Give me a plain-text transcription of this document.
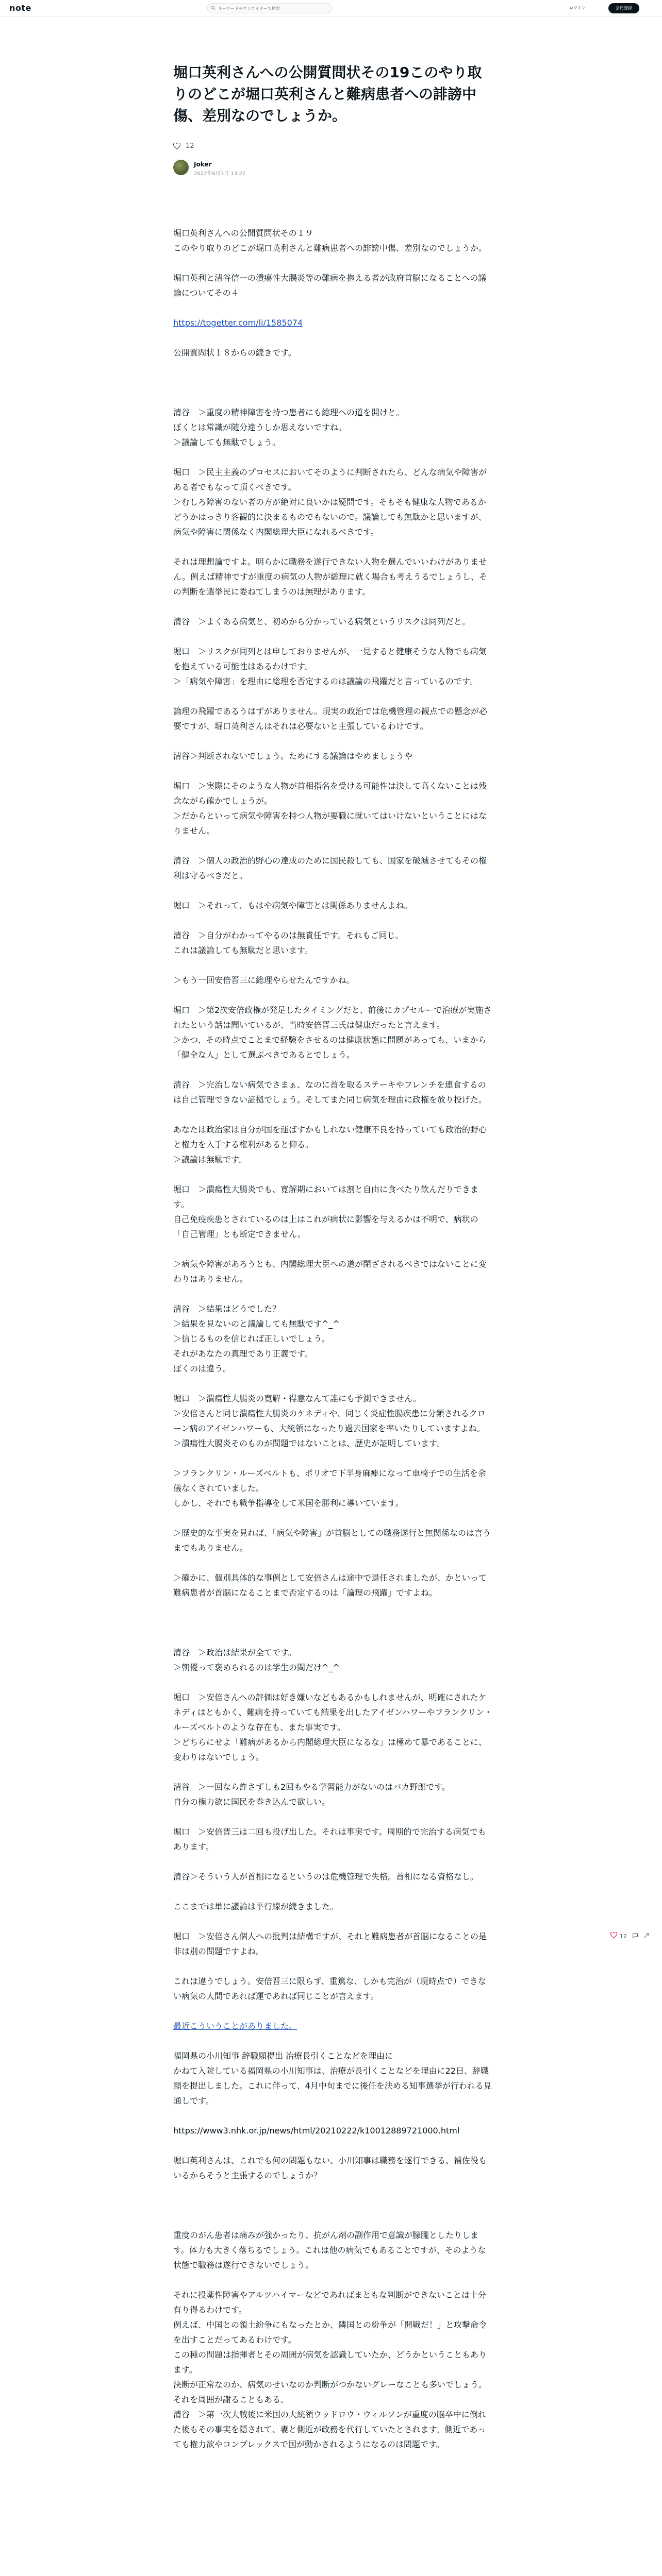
note
キーワードやクリエイターで検索	ログイン	会員登録
堀口英利さんへの公開質問状その19このやり取りのどこが堀口英利さんと難病患者への誹謗中傷、差別なのでしょうか。
12
Joker
2022年6月3日 13:22

堀口英利さんへの公開質問状その１９
このやり取りのどこが堀口英利さんと難病患者への誹謗中傷、差別なのでしょうか。

堀口英利と清谷信一の潰瘍性大腸炎等の難病を抱える者が政府首脳になることへの議論についてその４

https://togetter.com/li/1585074

公開質問状１８からの続きです。

清谷　＞重度の精神障害を持つ患者にも総理への道を開けと。
ぼくとは常識が随分違うしか思えないですね。
＞議論しても無駄でしょう。

堀口　＞民主主義のプロセスにおいてそのように判断されたら、どんな病気や障害がある者でもなって頂くべきです。
＞むしろ障害のない者の方が絶対に良いかは疑問です。そもそも健康な人物であるかどうかはっきり客観的に決まるものでもないので。議論しても無駄かと思いますが、病気や障害に関係なく内閣総理大臣になれるべきです。

それは理想論ですよ。明らかに職務を遂行できない人物を選んでいいわけがありません。例えば精神ですが重度の病気の人物が総理に就く場合も考えうるでしょうし、その判断を選挙民に委ねてしまうのは無理があります。

清谷　＞よくある病気と、初めから分かっている病気というリスクは同列だと。

堀口　＞リスクが同列とは申しておりませんが、一見すると健康そうな人物でも病気を抱えている可能性はあるわけです。
＞「病気や障害」を理由に総理を否定するのは議論の飛躍だと言っているのです。

論理の飛躍であるうはずがありません。現実の政治では危機管理の観点での懸念が必要ですが、堀口英利さんはそれは必要ないと主張しているわけです。

清谷＞判断されないでしょう。ためにする議論はやめましょうや

堀口　＞実際にそのような人物が首相指名を受ける可能性は決して高くないことは残念ながら確かでしょうが。
＞だからといって病気や障害を持つ人物が要職に就いてはいけないということにはなりません。

清谷　＞個人の政治的野心の達成のために国民殺しても、国家を破滅させてもその権利は守るべきだと。

堀口　＞それって、もはや病気や障害とは関係ありませんよね。

清谷　＞自分がわかってやるのは無責任です。それもご同じ。
これは議論しても無駄だと思います。

＞もう一回安倍晋三に総理やらせたんですかね。

堀口　＞第2次安倍政権が発足したタイミングだと、前後にカプセルーで治療が実施されたという話は聞いているが、当時安倍晋三氏は健康だったと言えます。
＞かつ、その時点でことまで経験をさせるのは健康状態に問題があっても、いまから「健全な人」として選ぶべきであるとでしょう。

清谷　＞完治しない病気でさまぁ、なのに首を取るステーキやフレンチを連食するのは自己管理できない証拠でしょう。そしてまた同じ病気を理由に政権を放り投げた。

あなたは政治家は自分が国を運ばすかもしれない健康不良を持っていても政治的野心と権力を入手する権利があると仰る。
＞議論は無駄です。

堀口　＞潰瘍性大腸炎でも、寛解期においては割と自由に食べたり飲んだりできます。
自己免疫疾患とされているのは上はこれが病状に影響を与えるかは不明で、病状の「自己管理」とも断定できません。

＞病気や障害があろうとも、内閣総理大臣への道が閉ざされるべきではないことに変わりはありません。

清谷　＞結果はどうでした？
＞結果を見ないのと議論しても無駄です^_^
＞信じるものを信じれば正しいでしょう。
それがあなたの真理であり正義です。
ぼくのは違う。

堀口　＞潰瘍性大腸炎の寛解・得意なんて誰にも予測できません。
＞安倍さんと同じ潰瘍性大腸炎のケネディや、同じく炎症性腸疾患に分類されるクローン病のアイゼンハワーも、大統領になったり過去国家を率いたりしていますよね。
＞潰瘍性大腸炎そのものが問題ではないことは、歴史が証明しています。

＞フランクリン・ルーズベルトも、ポリオで下半身麻痺になって車椅子での生活を余儀なくされていました。
しかし、それでも戦争指導をして米国を勝利に導いています。

＞歴史的な事実を見れば、「病気や障害」が首脳としての職務遂行と無関係なのは言うまでもありません。

＞確かに、個別具体的な事例として安倍さんは途中で退任されましたが、かといって難病患者が首脳になることまで否定するのは「論理の飛躍」ですよね。

清谷　＞政治は結果が全てです。
＞朝優って褒められるのは学生の間だけ^_^

堀口　＞安倍さんへの評価は好き嫌いなどもあるかもしれませんが、明確にされたケネディはともかく、難病を持っていても結果を出したアイゼンハワーやフランクリン・ルーズベルトのような存在も、また事実です。
＞どちらにせよ「難病があるから内閣総理大臣になるな」は極めて暴であることに、変わりはないでしょう。

清谷　＞一回なら許さずしも2回もやる学習能力がないのはバカ野郎です。
自分の権力欲に国民を巻き込んで欲しい。

堀口　＞安倍晋三は二回も投げ出した。それは事実です。周期的で完治する病気でもあります。

清谷＞そういう人が首相になるというのは危機管理で失格。首相になる資格なし。

ここまでは単に議論は平行線が続きました。

堀口　＞安倍さん個人への批判は結構ですが、それと難病患者が首脳になることの是非は別の問題ですよね。

これは違うでしょう。安倍晋三に限らず、重篤な、しかも完治が（現時点で）できない病気の人間であれば運であれば同じことが言えます。

最近こういうことがありました。

福岡県の小川知事 辞職願提出 治療長引くことなどを理由に
かねて入院している福岡県の小川知事は、治療が長引くことなどを理由に22日、辞職願を提出しました。これに伴って、4月中旬までに後任を決める知事選挙が行われる見通しです。

https://www3.nhk.or.jp/news/html/20210222/k10012889721000.html

堀口英利さんは、これでも何の問題もない、小川知事は職務を遂行できる、補佐役もいるからそうと主張するのでしょうか？

重度のがん患者は痛みが強かったり、抗がん剤の副作用で意識が朦朧としたりします。体力も大きく落ちるでしょう。これは他の病気でもあることですが、そのような状態で職務は遂行できないでしょう。

それに投薬性障害やアルツハイマーなどであればまともな判断ができないことは十分有り得るわけです。
例えば、中国との領土紛争にもなったとか、隣国との紛争が「開戦だ！」と攻撃命令を出すことだってあるわけです。
この種の問題は指揮者とその周囲が病気を認識していたか、どうかということもあります。
決断が正常なのか、病気のせいなのか判断がつかないグレーなことも多いでしょう。
それを周囲が謝ることもある。
清谷　＞第一次大戦後に米国の大統領ウッドロウ・ウィルソンが重度の脳卒中に倒れた後もその事実を隠されて、妻と側近が政務を代行していたとされます。側近であっても権力欲やコンプレックスで国が動かされるようになるのは問題です。

12
